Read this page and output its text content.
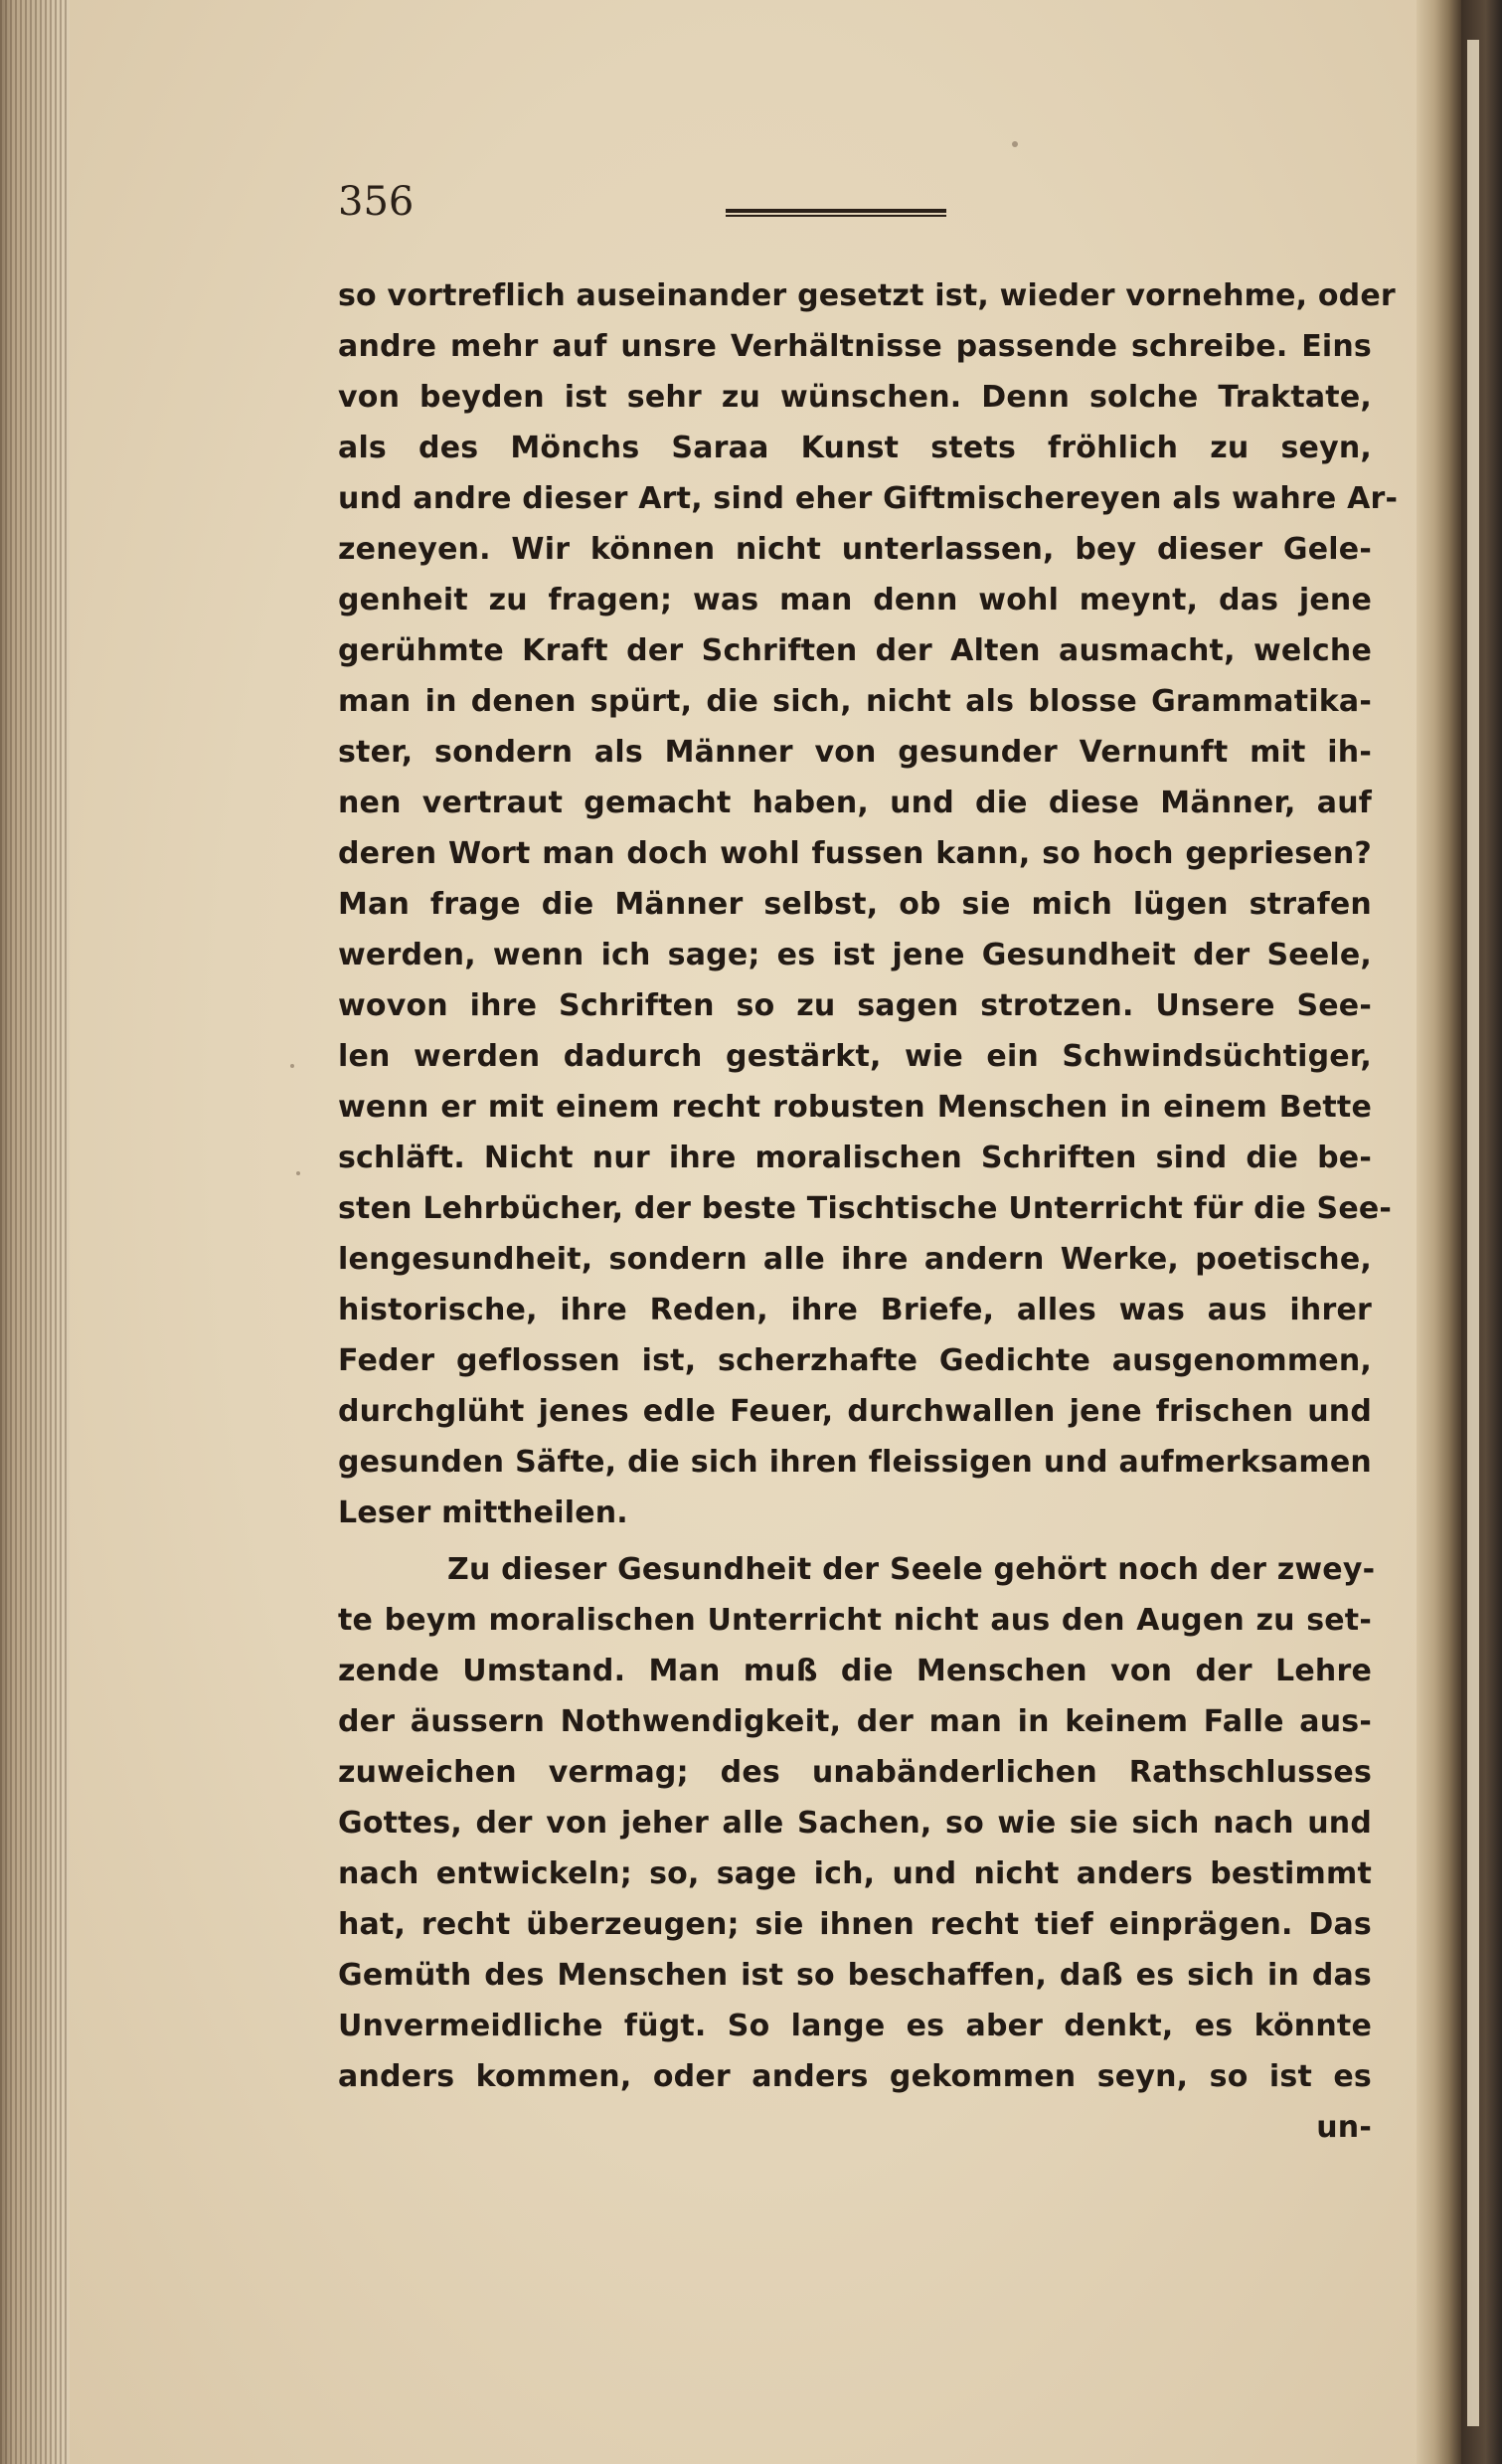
356
so vortreflich auseinander gesetzt ist, wieder vornehme, oder
andre mehr auf unsre Verhältnisse passende schreibe. Eins
von beyden ist sehr zu wünschen. Denn solche Traktate,
als des Mönchs Saraa Kunst stets fröhlich zu seyn,
und andre dieser Art, sind eher Giftmischereyen als wahre Ar-
zeneyen. Wir können nicht unterlassen, bey dieser Gele-
genheit zu fragen; was man denn wohl meynt, das jene
gerühmte Kraft der Schriften der Alten ausmacht, welche
man in denen spürt, die sich, nicht als blosse Grammatika-
ster, sondern als Männer von gesunder Vernunft mit ih-
nen vertraut gemacht haben, und die diese Männer, auf
deren Wort man doch wohl fussen kann, so hoch gepriesen?
Man frage die Männer selbst, ob sie mich lügen strafen
werden, wenn ich sage; es ist jene Gesundheit der Seele,
wovon ihre Schriften so zu sagen strotzen. Unsere See-
len werden dadurch gestärkt, wie ein Schwindsüchtiger,
wenn er mit einem recht robusten Menschen in einem Bette
schläft. Nicht nur ihre moralischen Schriften sind die be-
sten Lehrbücher, der beste Tischtische Unterricht für die See-
lengesundheit, sondern alle ihre andern Werke, poetische,
historische, ihre Reden, ihre Briefe, alles was aus ihrer
Feder geflossen ist, scherzhafte Gedichte ausgenommen,
durchglüht jenes edle Feuer, durchwallen jene frischen und
gesunden Säfte, die sich ihren fleissigen und aufmerksamen
Leser mittheilen.
Zu dieser Gesundheit der Seele gehört noch der zwey-
te beym moralischen Unterricht nicht aus den Augen zu set-
zende Umstand. Man muß die Menschen von der Lehre
der äussern Nothwendigkeit, der man in keinem Falle aus-
zuweichen vermag; des unabänderlichen Rathschlusses
Gottes, der von jeher alle Sachen, so wie sie sich nach und
nach entwickeln; so, sage ich, und nicht anders bestimmt
hat, recht überzeugen; sie ihnen recht tief einprägen. Das
Gemüth des Menschen ist so beschaffen, daß es sich in das
Unvermeidliche fügt. So lange es aber denkt, es könnte
anders kommen, oder anders gekommen seyn, so ist es
un-
